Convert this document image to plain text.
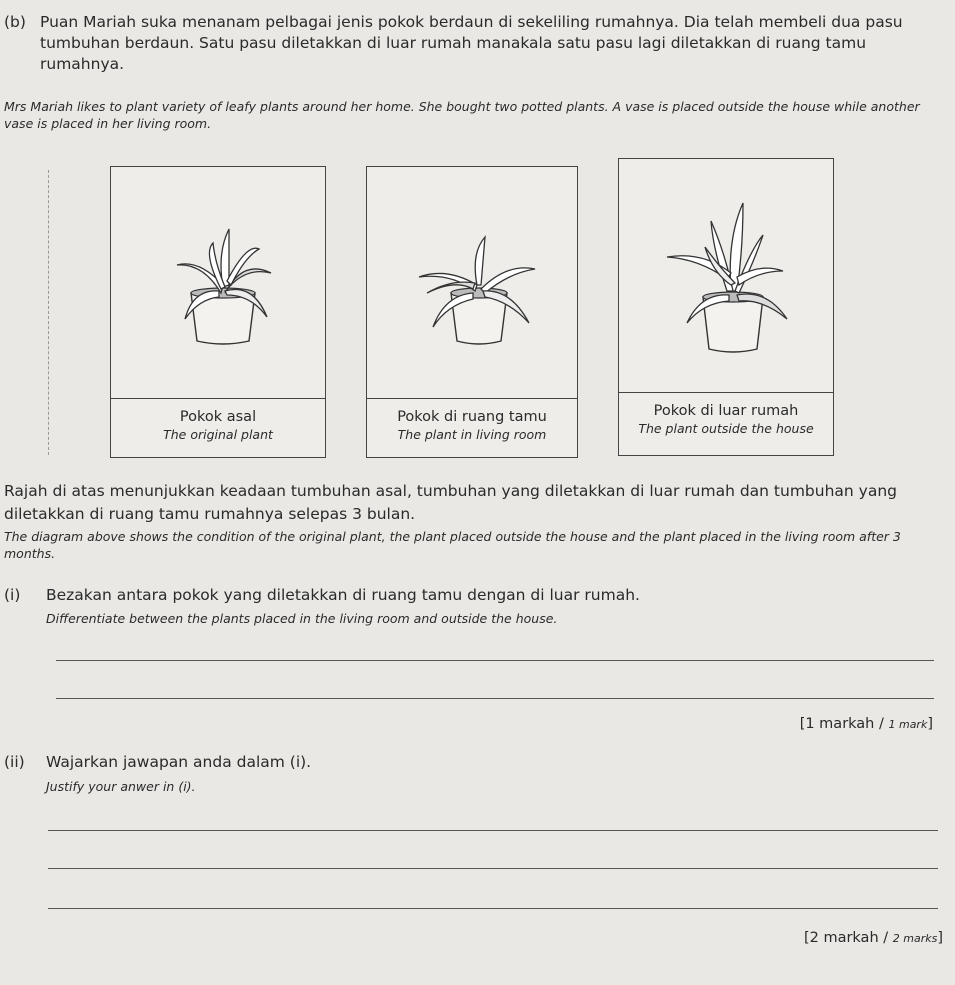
(b) Puan Mariah suka menanam pelbagai jenis pokok berdaun di sekeliling rumahnya. Dia telah membeli dua pasu tumbuhan berdaun. Satu pasu diletakkan di luar rumah manakala satu pasu lagi diletakkan di ruang tamu rumahnya.
Mrs Mariah likes to plant variety of leafy plants around her home. She bought two potted plants. A vase is placed outside the house while another vase is placed in her living room.
Pokok asal
The original plant
Pokok di ruang tamu
The plant in living room
Pokok di luar rumah
The plant outside the house
Rajah di atas menunjukkan keadaan tumbuhan asal, tumbuhan yang diletakkan di luar rumah dan tumbuhan yang diletakkan di ruang tamu rumahnya selepas 3 bulan.
The diagram above shows the condition of the original plant, the plant placed outside the house and the plant placed in the living room after 3 months.
(i) Bezakan antara pokok yang diletakkan di ruang tamu dengan di luar rumah.
Differentiate between the plants placed in the living room and outside the house.
[1 markah / 1 mark]
(ii) Wajarkan jawapan anda dalam (i).
Justify your anwer in (i).
[2 markah / 2 marks]
